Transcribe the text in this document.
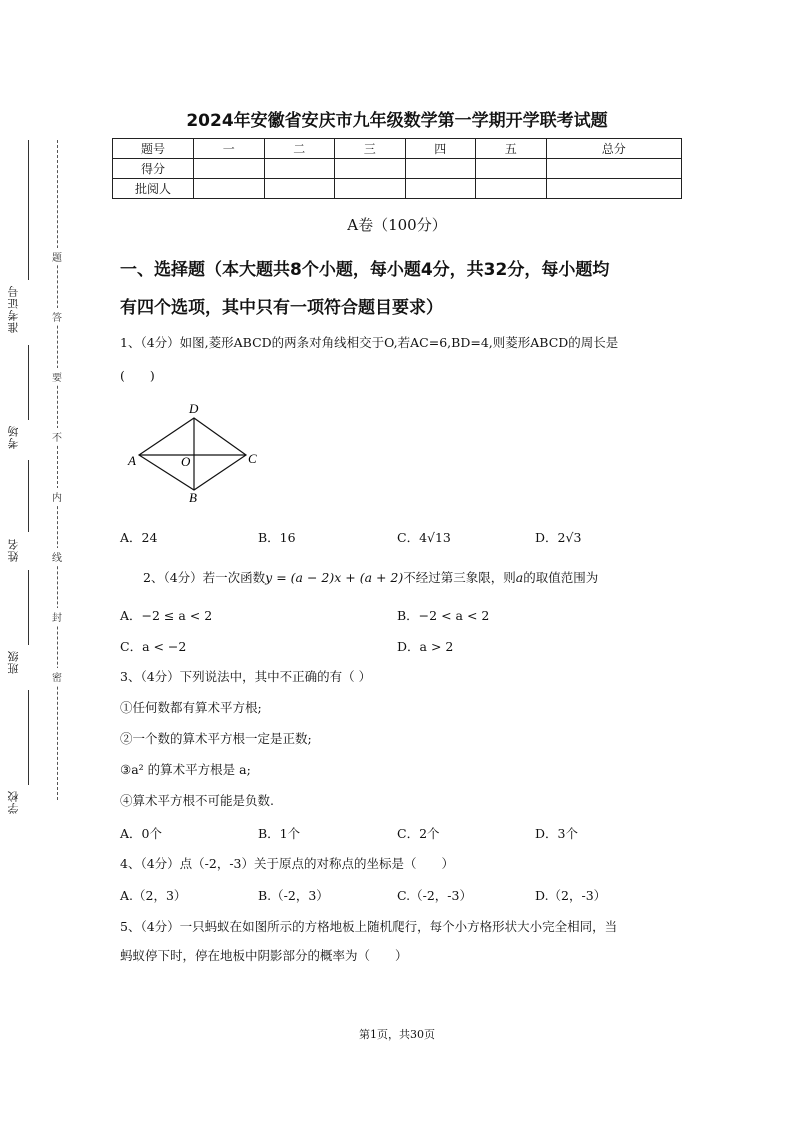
准考证号
考场
姓名
班级
学校
题
答
要
不
内
线
封
密
2024年安徽省安庆市九年级数学第一学期开学联考试题
题号	一	二	三	四	五	总分
得分						
批阅人						
A卷（100分）
一、选择题（本大题共8个小题，每小题4分，共32分，每小题均
有四个选项，其中只有一项符合题目要求）
1、（4分）如图,菱形ABCD的两条对角线相交于O,若AC=6,BD=4,则菱形ABCD的周长是
(　　)
D
A	O	C
B
A．24	B．16	C．4√13	D．2√3
2、（4分）若一次函数y = (a − 2)x + (a + 2)不经过第三象限，则a的取值范围为
A．−2 ≤ a < 2	B．−2 < a < 2
C．a < −2	D．a > 2
3、（4分）下列说法中，其中不正确的有（ ）
①任何数都有算术平方根;
②一个数的算术平方根一定是正数;
③a² 的算术平方根是 a;
④算术平方根不可能是负数.
A．0个	B．1个	C．2个	D．3个
4、（4分）点（-2，-3）关于原点的对称点的坐标是（　　）
A.（2，3）	B.（-2，3）	C.（-2，-3）	D.（2，-3）
5、（4分）一只蚂蚁在如图所示的方格地板上随机爬行，每个小方格形状大小完全相同，当
蚂蚁停下时，停在地板中阴影部分的概率为（　　）
第1页，共30页
